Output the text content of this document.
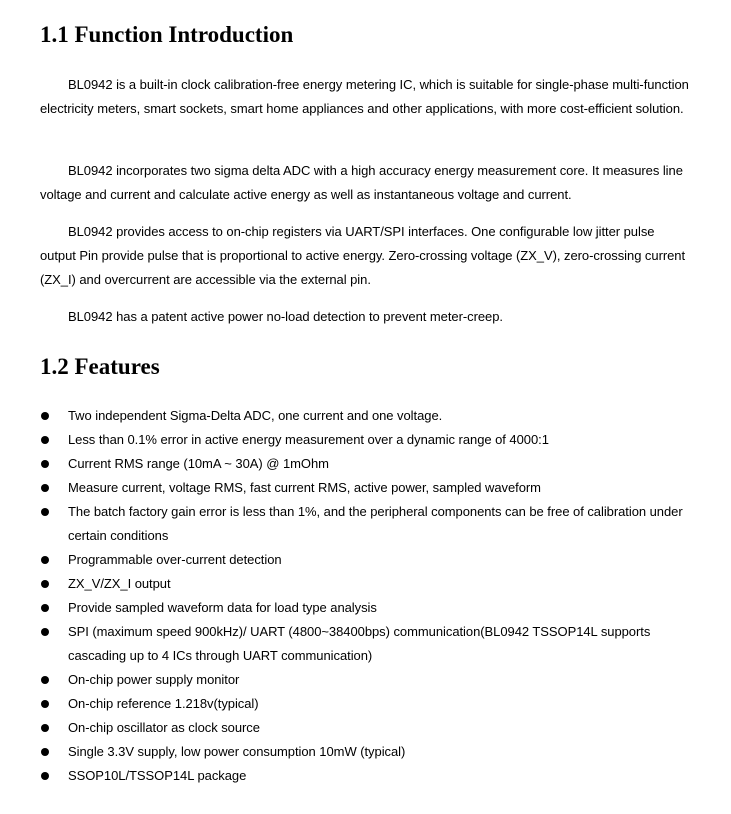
1.1 Function Introduction

BL0942 is a built-in clock calibration-free energy metering IC, which is suitable for single-phase multi-function electricity meters, smart sockets, smart home appliances and other applications, with more cost-efficient solution.

BL0942 incorporates two sigma delta ADC with a high accuracy energy measurement core. It measures line voltage and current and calculate active energy as well as instantaneous voltage and current.

BL0942 provides access to on-chip registers via UART/SPI interfaces. One configurable low jitter pulse output Pin provide pulse that is proportional to active energy. Zero-crossing voltage (ZX_V), zero-crossing current (ZX_I) and overcurrent are accessible via the external pin.

BL0942 has a patent active power no-load detection to prevent meter-creep.

1.2 Features
Two independent Sigma-Delta ADC, one current and one voltage.
Less than 0.1% error in active energy measurement over a dynamic range of 4000:1
Current RMS range (10mA ~ 30A) @ 1mOhm
Measure current, voltage RMS, fast current RMS, active power, sampled waveform
The batch factory gain error is less than 1%, and the peripheral components can be free of calibration under certain conditions
Programmable over-current detection
ZX_V/ZX_I output
Provide sampled waveform data for load type analysis
SPI (maximum speed 900kHz)/ UART (4800~38400bps) communication(BL0942 TSSOP14L supports cascading up to 4 ICs through UART communication)
On-chip power supply monitor
On-chip reference 1.218v(typical)
On-chip oscillator as clock source
Single 3.3V supply, low power consumption 10mW (typical)
SSOP10L/TSSOP14L package
